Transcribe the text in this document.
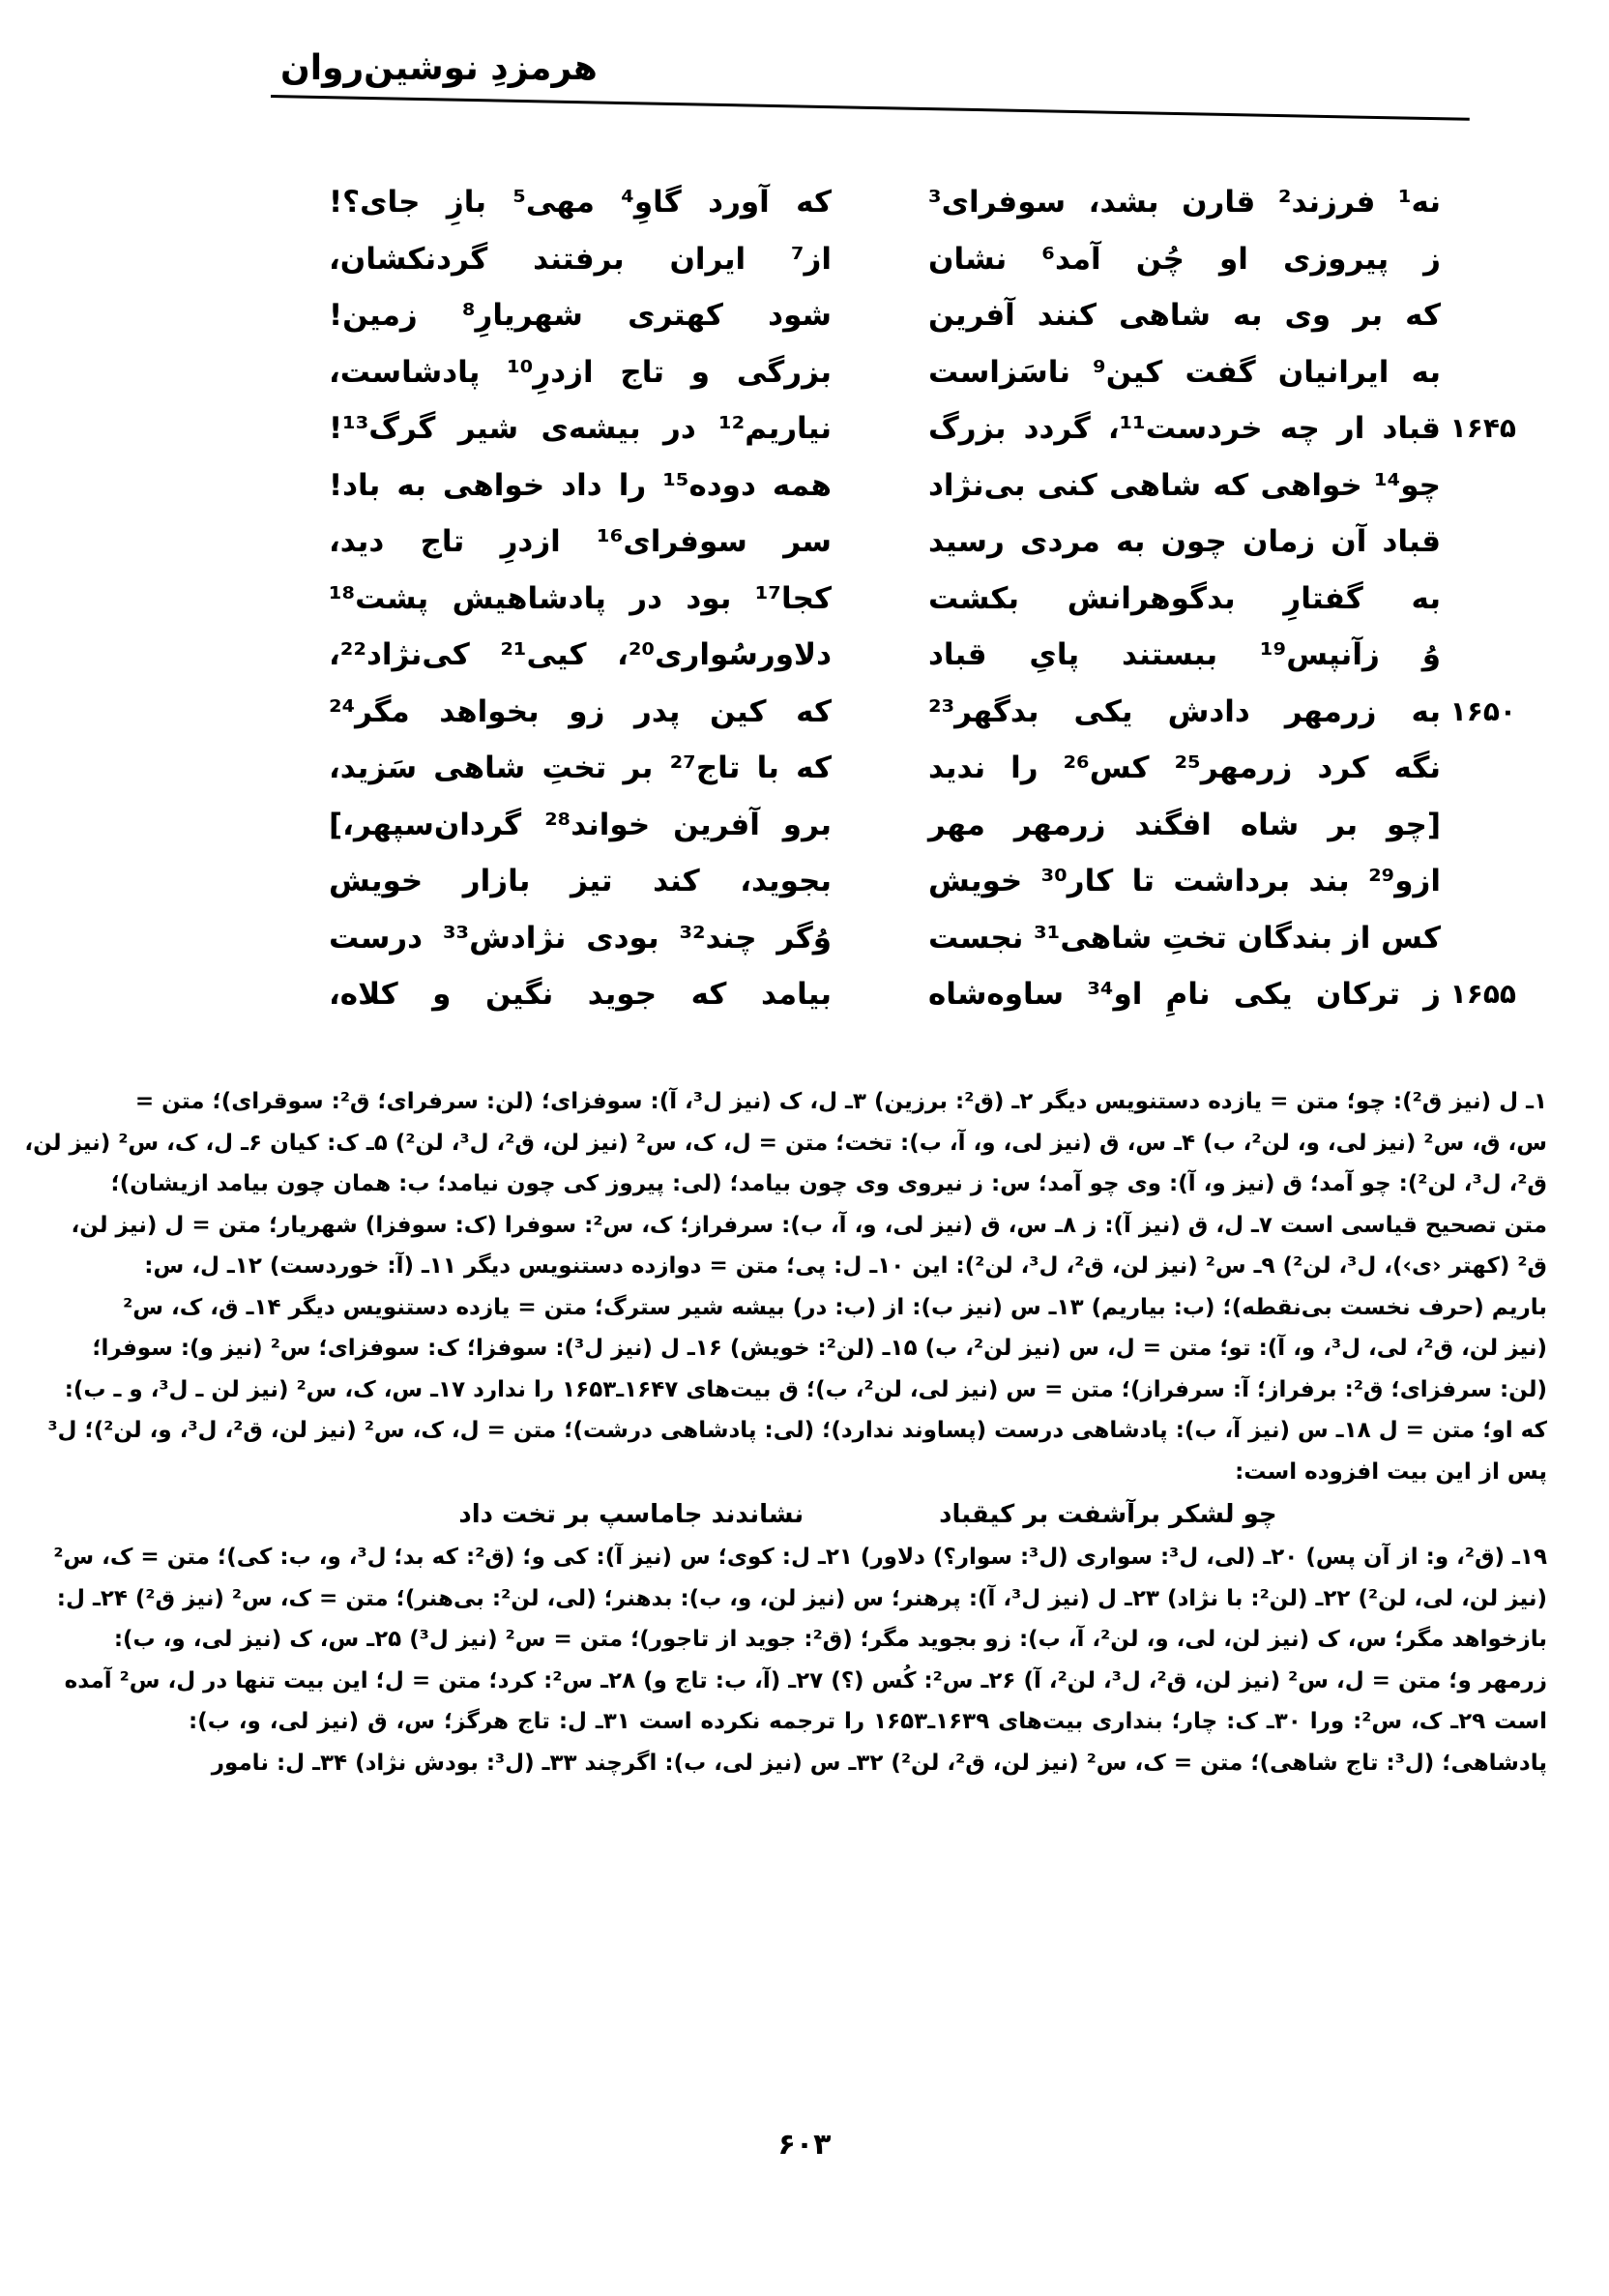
هرمزدِ نوشین‌روان
نه¹ فرزند² قارن بشد، سوفرای³
ز پیروزی او چُن آمد⁶ نشان
که بر وی به شاهی کنند آفرین
به ایرانیان گفت کین⁹ ناسَزاست
قباد ار چه خردست¹¹، گردد بزرگ ۱۶۴۵
چو¹⁴ خواهی که شاهی کنی بی‌نژاد
قباد آن زمان چون به مردی رسید
به گفتارِ بدگوهرانش بکشت
وُ زآنپس¹⁹ ببستند پایِ قباد
به زرمهر دادش یکی بدگهر²³ ۱۶۵۰
نگه کرد زرمهر²⁵ کس²⁶ را ندید
[چو بر شاه افگند زرمهر مهر
ازو²⁹ بند برداشت تا کار³⁰ خویش
کس از بندگان تختِ شاهی³¹ نجست
ز ترکان یکی نامِ او³⁴ ساوه‌شاه ۱۶۵۵
که آورد گاوِ⁴ مهی⁵ بازِ جای؟!
از⁷ ایران برفتند گردنکشان،
شود کهتری شهریارِ⁸ زمین!
بزرگی و تاج ازدرِ¹⁰ پادشاست،
نیاریم¹² در بیشه‌ی شیر گرگ¹³!
همه دوده¹⁵ را داد خواهی به باد!
سر سوفرای¹⁶ ازدرِ تاج دید،
کجا¹⁷ بود در پادشاهیش پشت¹⁸
دلاورسُواری²⁰، کیی²¹ کی‌نژاد²²،
که کین پدر زو بخواهد مگر²⁴
که با تاج²⁷ بر تختِ شاهی سَزید،
برو آفرین خواند²⁸ گردان‌سپهر،]
بجوید، کند تیز بازار خویش
وُگر چند³² بودی نژادش³³ درست
بیامد که جوید نگین و کلاه،
۱ـ ل (نیز ق²): چو؛ متن = یازده دستنویس دیگر ۲ـ (ق²: برزین) ۳ـ ل، ک (نیز ل³، آ): سوفزای؛ (لن: سرفرای؛ ق²: سوقرای)؛ متن =
س، ق، س² (نیز لی، و، لن²، ب) ۴ـ س، ق (نیز لی، و، آ، ب): تخت؛ متن = ل، ک، س² (نیز لن، ق²، ل³، لن²) ۵ـ ک: کیان ۶ـ ل، ک، س² (نیز لن،
ق²، ل³، لن²): چو آمد؛ ق (نیز و، آ): وی چو آمد؛ س: ز نیروی وی چون بیامد؛ (لی: پیروز کی چون نیامد؛ ب: همان چون بیامد ازیشان)؛
متن تصحیح قیاسی است ۷ـ ل، ق (نیز آ): ز ۸ـ س، ق (نیز لی، و، آ، ب): سرفراز؛ ک، س²: سوفرا (ک: سوفزا) شهریار؛ متن = ل (نیز لن،
ق² (کهتر ‹ی›)، ل³، لن²) ۹ـ س² (نیز لن، ق²، ل³، لن²): این ۱۰ـ ل: پی؛ متن = دوازده دستنویس دیگر ۱۱ـ (آ: خوردست) ۱۲ـ ل، س:
باریم (حرف نخست بی‌نقطه)؛ (ب: بیاریم) ۱۳ـ س (نیز ب): از (ب: در) بیشه شیر سترگ؛ متن = یازده دستنویس دیگر ۱۴ـ ق، ک، س²
(نیز لن، ق²، لی، ل³، و، آ): تو؛ متن = ل، س (نیز لن²، ب) ۱۵ـ (لن²: خویش) ۱۶ـ ل (نیز ل³): سوفزا؛ ک: سوفزای؛ س² (نیز و): سوفرا؛
(لن: سرفزای؛ ق²: برفراز؛ آ: سرفراز)؛ متن = س (نیز لی، لن²، ب)؛ ق بیت‌های ۱۶۴۷ـ۱۶۵۳ را ندارد ۱۷ـ س، ک، س² (نیز لن ـ ل³، و ـ ب):
که او؛ متن = ل ۱۸ـ س (نیز آ، ب): پادشاهی درست (پساوند ندارد)؛ (لی: پادشاهی درشت)؛ متن = ل، ک، س² (نیز لن، ق²، ل³، و، لن²)؛ ل³
پس از این بیت افزوده است:
چو لشکر برآشفت بر کیقبادنشاندند جاماسپ بر تخت داد
۱۹ـ (ق²، و: از آن پس) ۲۰ـ (لی، ل³: سواری (ل³: سوار؟) دلاور) ۲۱ـ ل: کوی؛ س (نیز آ): کی و؛ (ق²: که بد؛ ل³، و، ب: کی)؛ متن = ک، س²
(نیز لن، لی، لن²) ۲۲ـ (لن²: با نژاد) ۲۳ـ ل (نیز ل³، آ): پرهنر؛ س (نیز لن، و، ب): بدهنر؛ (لی، لن²: بی‌هنر)؛ متن = ک، س² (نیز ق²) ۲۴ـ ل:
بازخواهد مگر؛ س، ک (نیز لن، لی، و، لن²، آ، ب): زو بجوید مگر؛ (ق²: جوید از تاجور)؛ متن = س² (نیز ل³) ۲۵ـ س، ک (نیز لی، و، ب):
زرمهر و؛ متن = ل، س² (نیز لن، ق²، ل³، لن²، آ) ۲۶ـ س²: کُس (؟) ۲۷ـ (آ، ب: تاج و) ۲۸ـ س²: کرد؛ متن = ل؛ این بیت تنها در ل، س² آمده
است ۲۹ـ ک، س²: ورا ۳۰ـ ک: چار؛ بنداری بیت‌های ۱۶۳۹ـ۱۶۵۳ را ترجمه نکرده است ۳۱ـ ل: تاج هرگز؛ س، ق (نیز لی، و، ب):
پادشاهی؛ (ل³: تاج شاهی)؛ متن = ک، س² (نیز لن، ق²، لن²) ۳۲ـ س (نیز لی، ب): اگرچند ۳۳ـ (ل³: بودش نژاد) ۳۴ـ ل: نامور
۶۰۳
